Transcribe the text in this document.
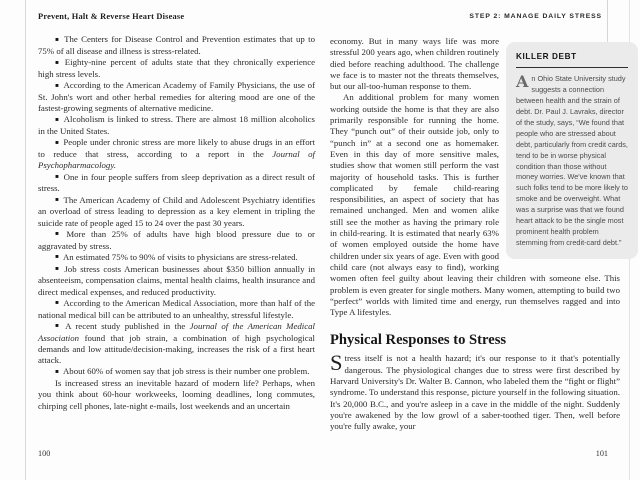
Prevent, Halt & Reverse Heart Disease	STEP 2: MANAGE DAILY STRESS

▪ The Centers for Disease Control and Prevention estimates that up to 75% of all disease and illness is stress-related.

▪ Eighty-nine percent of adults state that they chronically experience high stress levels.

▪ According to the American Academy of Family Physicians, the use of St. John's wort and other herbal remedies for altering mood are one of the fastest-growing segments of alternative medicine.

▪ Alcoholism is linked to stress. There are almost 18 million alcoholics in the United States.

▪ People under chronic stress are more likely to abuse drugs in an effort to reduce that stress, according to a report in the Journal of Psychopharmacology.

▪ One in four people suffers from sleep deprivation as a direct result of stress.

▪ The American Academy of Child and Adolescent Psychiatry identifies an overload of stress leading to depression as a key element in tripling the suicide rate of people aged 15 to 24 over the past 30 years.

▪ More than 25% of adults have high blood pressure due to or aggravated by stress.

▪ An estimated 75% to 90% of visits to physicians are stress-related.

▪ Job stress costs American businesses about $350 billion annually in absenteeism, compensation claims, mental health claims, health insurance and direct medical expenses, and reduced productivity.

▪ According to the American Medical Association, more than half of the national medical bill can be attributed to an unhealthy, stressful lifestyle.

▪ A recent study published in the Journal of the American Medical Association found that job strain, a combination of high psychological demands and low attitude/decision-making, increases the risk of a first heart attack.

▪ About 60% of women say that job stress is their number one problem.

Is increased stress an inevitable hazard of modern life? Perhaps, when you think about 60-hour workweeks, looming deadlines, long commutes, chirping cell phones, late-night e-mails, lost weekends and an uncertain

KILLER DEBT
An Ohio State University study suggests a connection between health and the strain of debt. Dr. Paul J. Lavraks, director of the study, says, “We found that people who are stressed about debt, particularly from credit cards, tend to be in worse physical condition than those without money worries. We've known that such folks tend to be more likely to smoke and be overweight. What was a surprise was that we found heart attack to be the single most prominent health problem stemming from credit-card debt.”

economy. But in many ways life was more stressful 200 years ago, when children routinely died before reaching adulthood. The challenge we face is to master not the threats themselves, but our all-too-human response to them.

An additional problem for many women working outside the home is that they are also primarily responsible for running the home. They “punch out” of their outside job, only to “punch in” at a second one as homemaker. Even in this day of more sensitive males, studies show that women still perform the vast majority of household tasks. This is further complicated by female child-rearing responsibilities, an aspect of society that has remained unchanged. Men and women alike still see the mother as having the primary role in child-rearing. It is estimated that nearly 63% of women employed outside the home have children under six years of age. Even with good child care (not always easy to find), working women often feel guilty about leaving their children with someone else. This problem is even greater for single mothers. Many women, attempting to build two “perfect” worlds with limited time and energy, run themselves ragged and into Type A lifestyles.

Physical Responses to Stress

Stress itself is not a health hazard; it's our response to it that's potentially dangerous. The physiological changes due to stress were first described by Harvard University's Dr. Walter B. Cannon, who labeled them the “fight or flight” syndrome. To understand this response, picture yourself in the following situation. It's 20,000 B.C., and you're asleep in a cave in the middle of the night. Suddenly you're awakened by the low growl of a saber-toothed tiger. Then, well before you're fully awake, your

100	101
